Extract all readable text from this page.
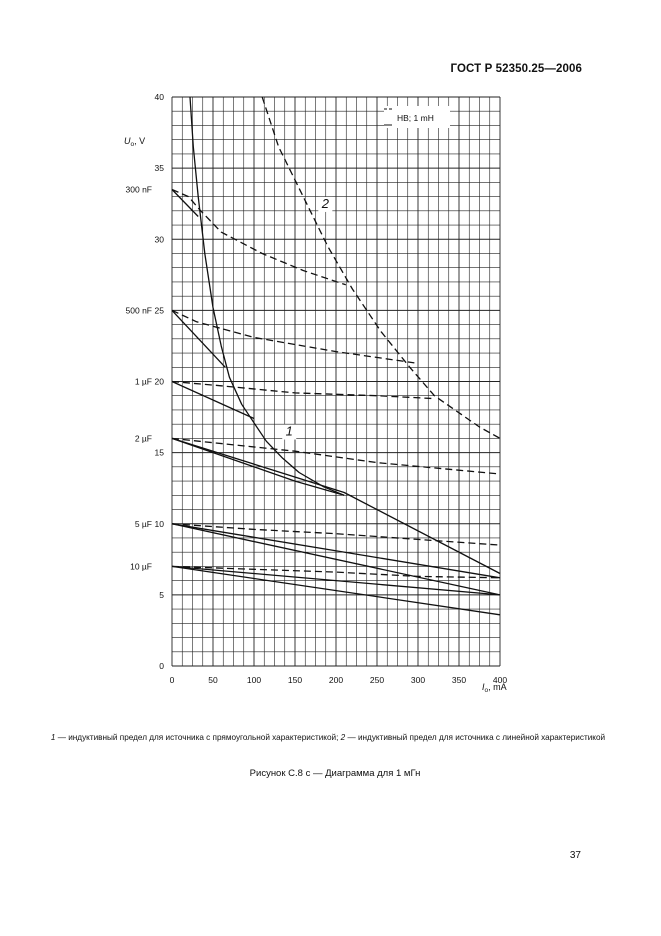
ГОСТ Р 52350.25—2006
0	50	100	150	200	250	300	350	400
0
5
10
15
20
25
30
35
40
300 nF
500 nF
1 µF
2 µF
5 µF
10 µF
HB; 1 mH
1
2
$U_o$, V
$I_o$, mA
1 — индуктивный предел для источника с прямоугольной характеристикой; 2 — индуктивный предел для источника с линейной характеристикой
Рисунок С.8 c — Диаграмма для 1 мГн
37
